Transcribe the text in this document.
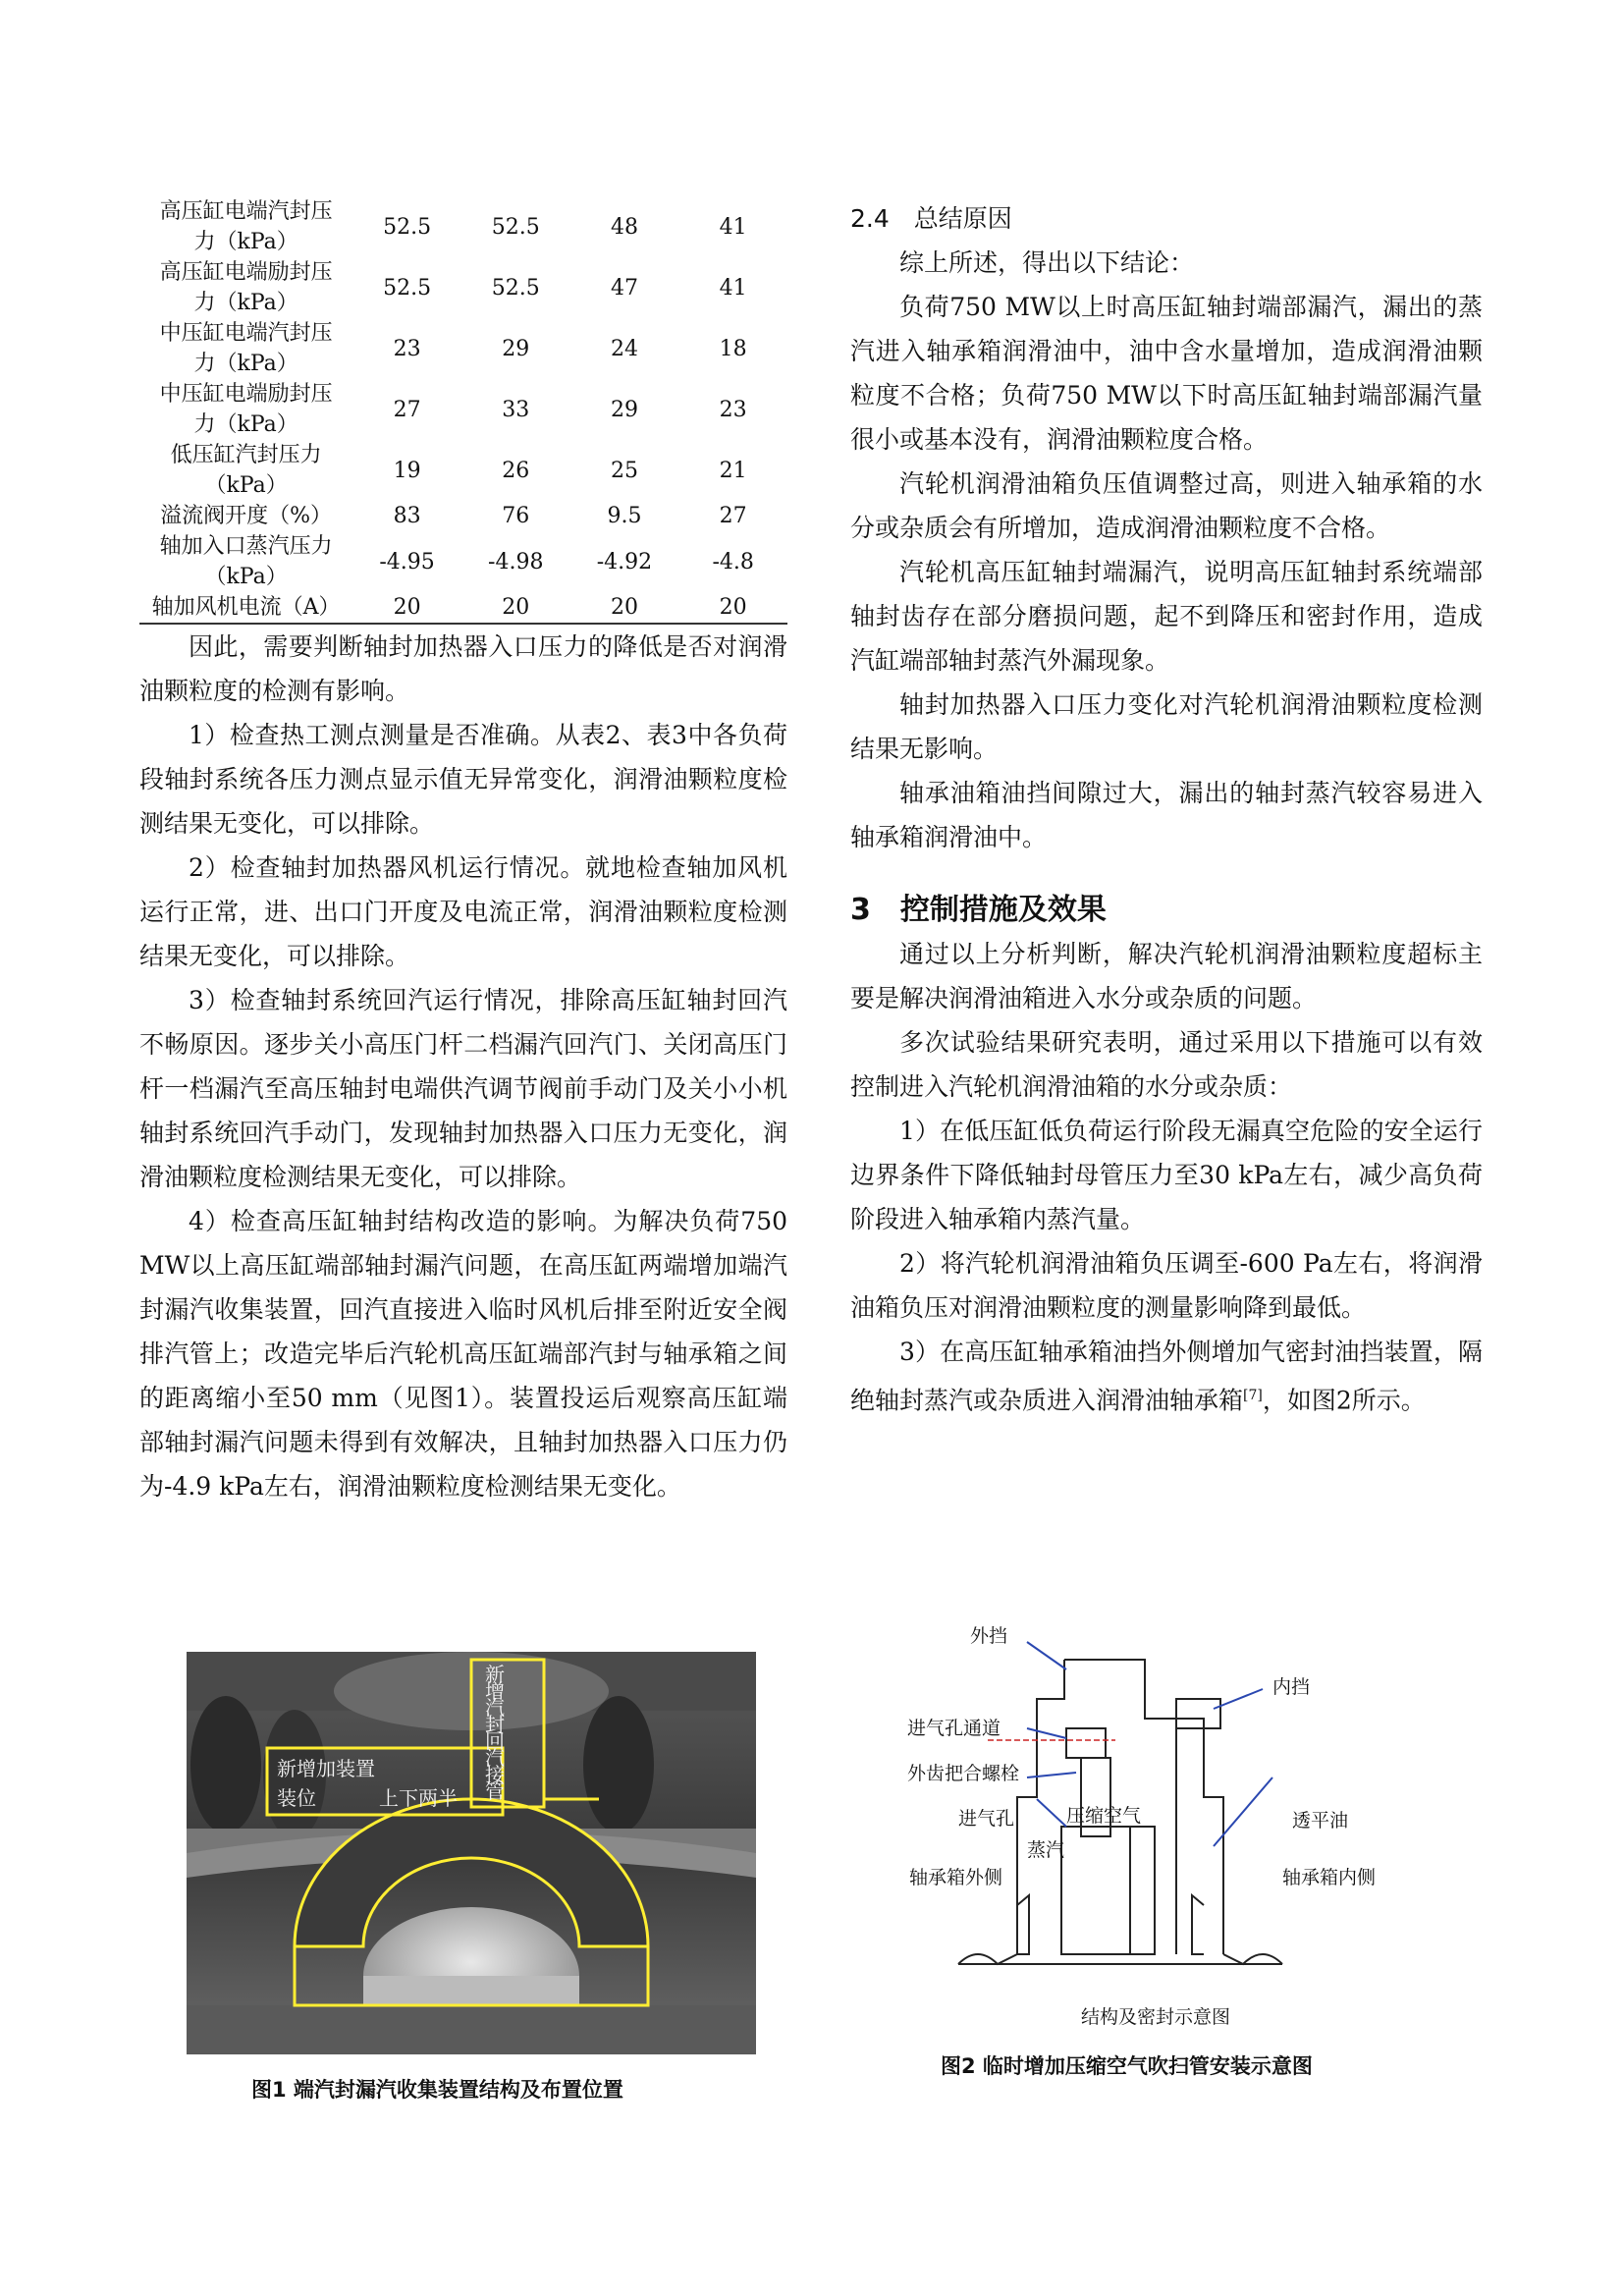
高压缸电端汽封压
力（kPa）	52.5	52.5	48	41

高压缸电端励封压
力（kPa）	52.5	52.5	47	41

中压缸电端汽封压
力（kPa）	23	29	24	18

中压缸电端励封压
力（kPa）	27	33	29	23

低压缸汽封压力
（kPa）	19	26	25	21

溢流阀开度（%）	83	76	9.5	27

轴加入口蒸汽压力
（kPa）	-4.95	-4.98	-4.92	-4.8

轴加风机电流（A）	20	20	20	20

因此，需要判断轴封加热器入口压力的降低是否对润滑油颗粒度的检测有影响。

1）检查热工测点测量是否准确。从表2、表3中各负荷段轴封系统各压力测点显示值无异常变化，润滑油颗粒度检测结果无变化，可以排除。

2）检查轴封加热器风机运行情况。就地检查轴加风机运行正常，进、出口门开度及电流正常，润滑油颗粒度检测结果无变化，可以排除。

3）检查轴封系统回汽运行情况，排除高压缸轴封回汽不畅原因。逐步关小高压门杆二档漏汽回汽门、关闭高压门杆一档漏汽至高压轴封电端供汽调节阀前手动门及关小小机轴封系统回汽手动门，发现轴封加热器入口压力无变化，润滑油颗粒度检测结果无变化，可以排除。

4）检查高压缸轴封结构改造的影响。为解决负荷750 MW以上高压缸端部轴封漏汽问题，在高压缸两端增加端汽封漏汽收集装置，回汽直接进入临时风机后排至附近安全阀排汽管上；改造完毕后汽轮机高压缸端部汽封与轴承箱之间的距离缩小至50 mm（见图1）。装置投运后观察高压缸端部轴封漏汽问题未得到有效解决，且轴封加热器入口压力仍为-4.9 kPa左右，润滑油颗粒度检测结果无变化。

2.4　总结原因

综上所述，得出以下结论：

负荷750 MW以上时高压缸轴封端部漏汽，漏出的蒸汽进入轴承箱润滑油中，油中含水量增加，造成润滑油颗粒度不合格；负荷750 MW以下时高压缸轴封端部漏汽量很小或基本没有，润滑油颗粒度合格。

汽轮机润滑油箱负压值调整过高，则进入轴承箱的水分或杂质会有所增加，造成润滑油颗粒度不合格。

汽轮机高压缸轴封端漏汽，说明高压缸轴封系统端部轴封齿存在部分磨损问题，起不到降压和密封作用，造成汽缸端部轴封蒸汽外漏现象。

轴封加热器入口压力变化对汽轮机润滑油颗粒度检测结果无影响。

轴承油箱油挡间隙过大，漏出的轴封蒸汽较容易进入轴承箱润滑油中。

3　控制措施及效果

通过以上分析判断，解决汽轮机润滑油颗粒度超标主要是解决润滑油箱进入水分或杂质的问题。

多次试验结果研究表明，通过采用以下措施可以有效控制进入汽轮机润滑油箱的水分或杂质：

1）在低压缸低负荷运行阶段无漏真空危险的安全运行边界条件下降低轴封母管压力至30 kPa左右，减少高负荷阶段进入轴承箱内蒸汽量。

2）将汽轮机润滑油箱负压调至-600 Pa左右，将润滑油箱负压对润滑油颗粒度的测量影响降到最低。

3）在高压缸轴承箱油挡外侧增加气密封油挡装置，隔绝轴封蒸汽或杂质进入润滑油轴承箱[7]，如图2所示。

新增加装置
装位	上下两半
新
增
汽
封
回
汽
接
管
图1 端汽封漏汽收集装置结构及布置位置
外挡
内挡
进气孔通道
外齿把合螺栓
进气孔
蒸汽
压缩空气	透平油
轴承箱外侧	轴承箱内侧
结构及密封示意图
图2 临时增加压缩空气吹扫管安装示意图
